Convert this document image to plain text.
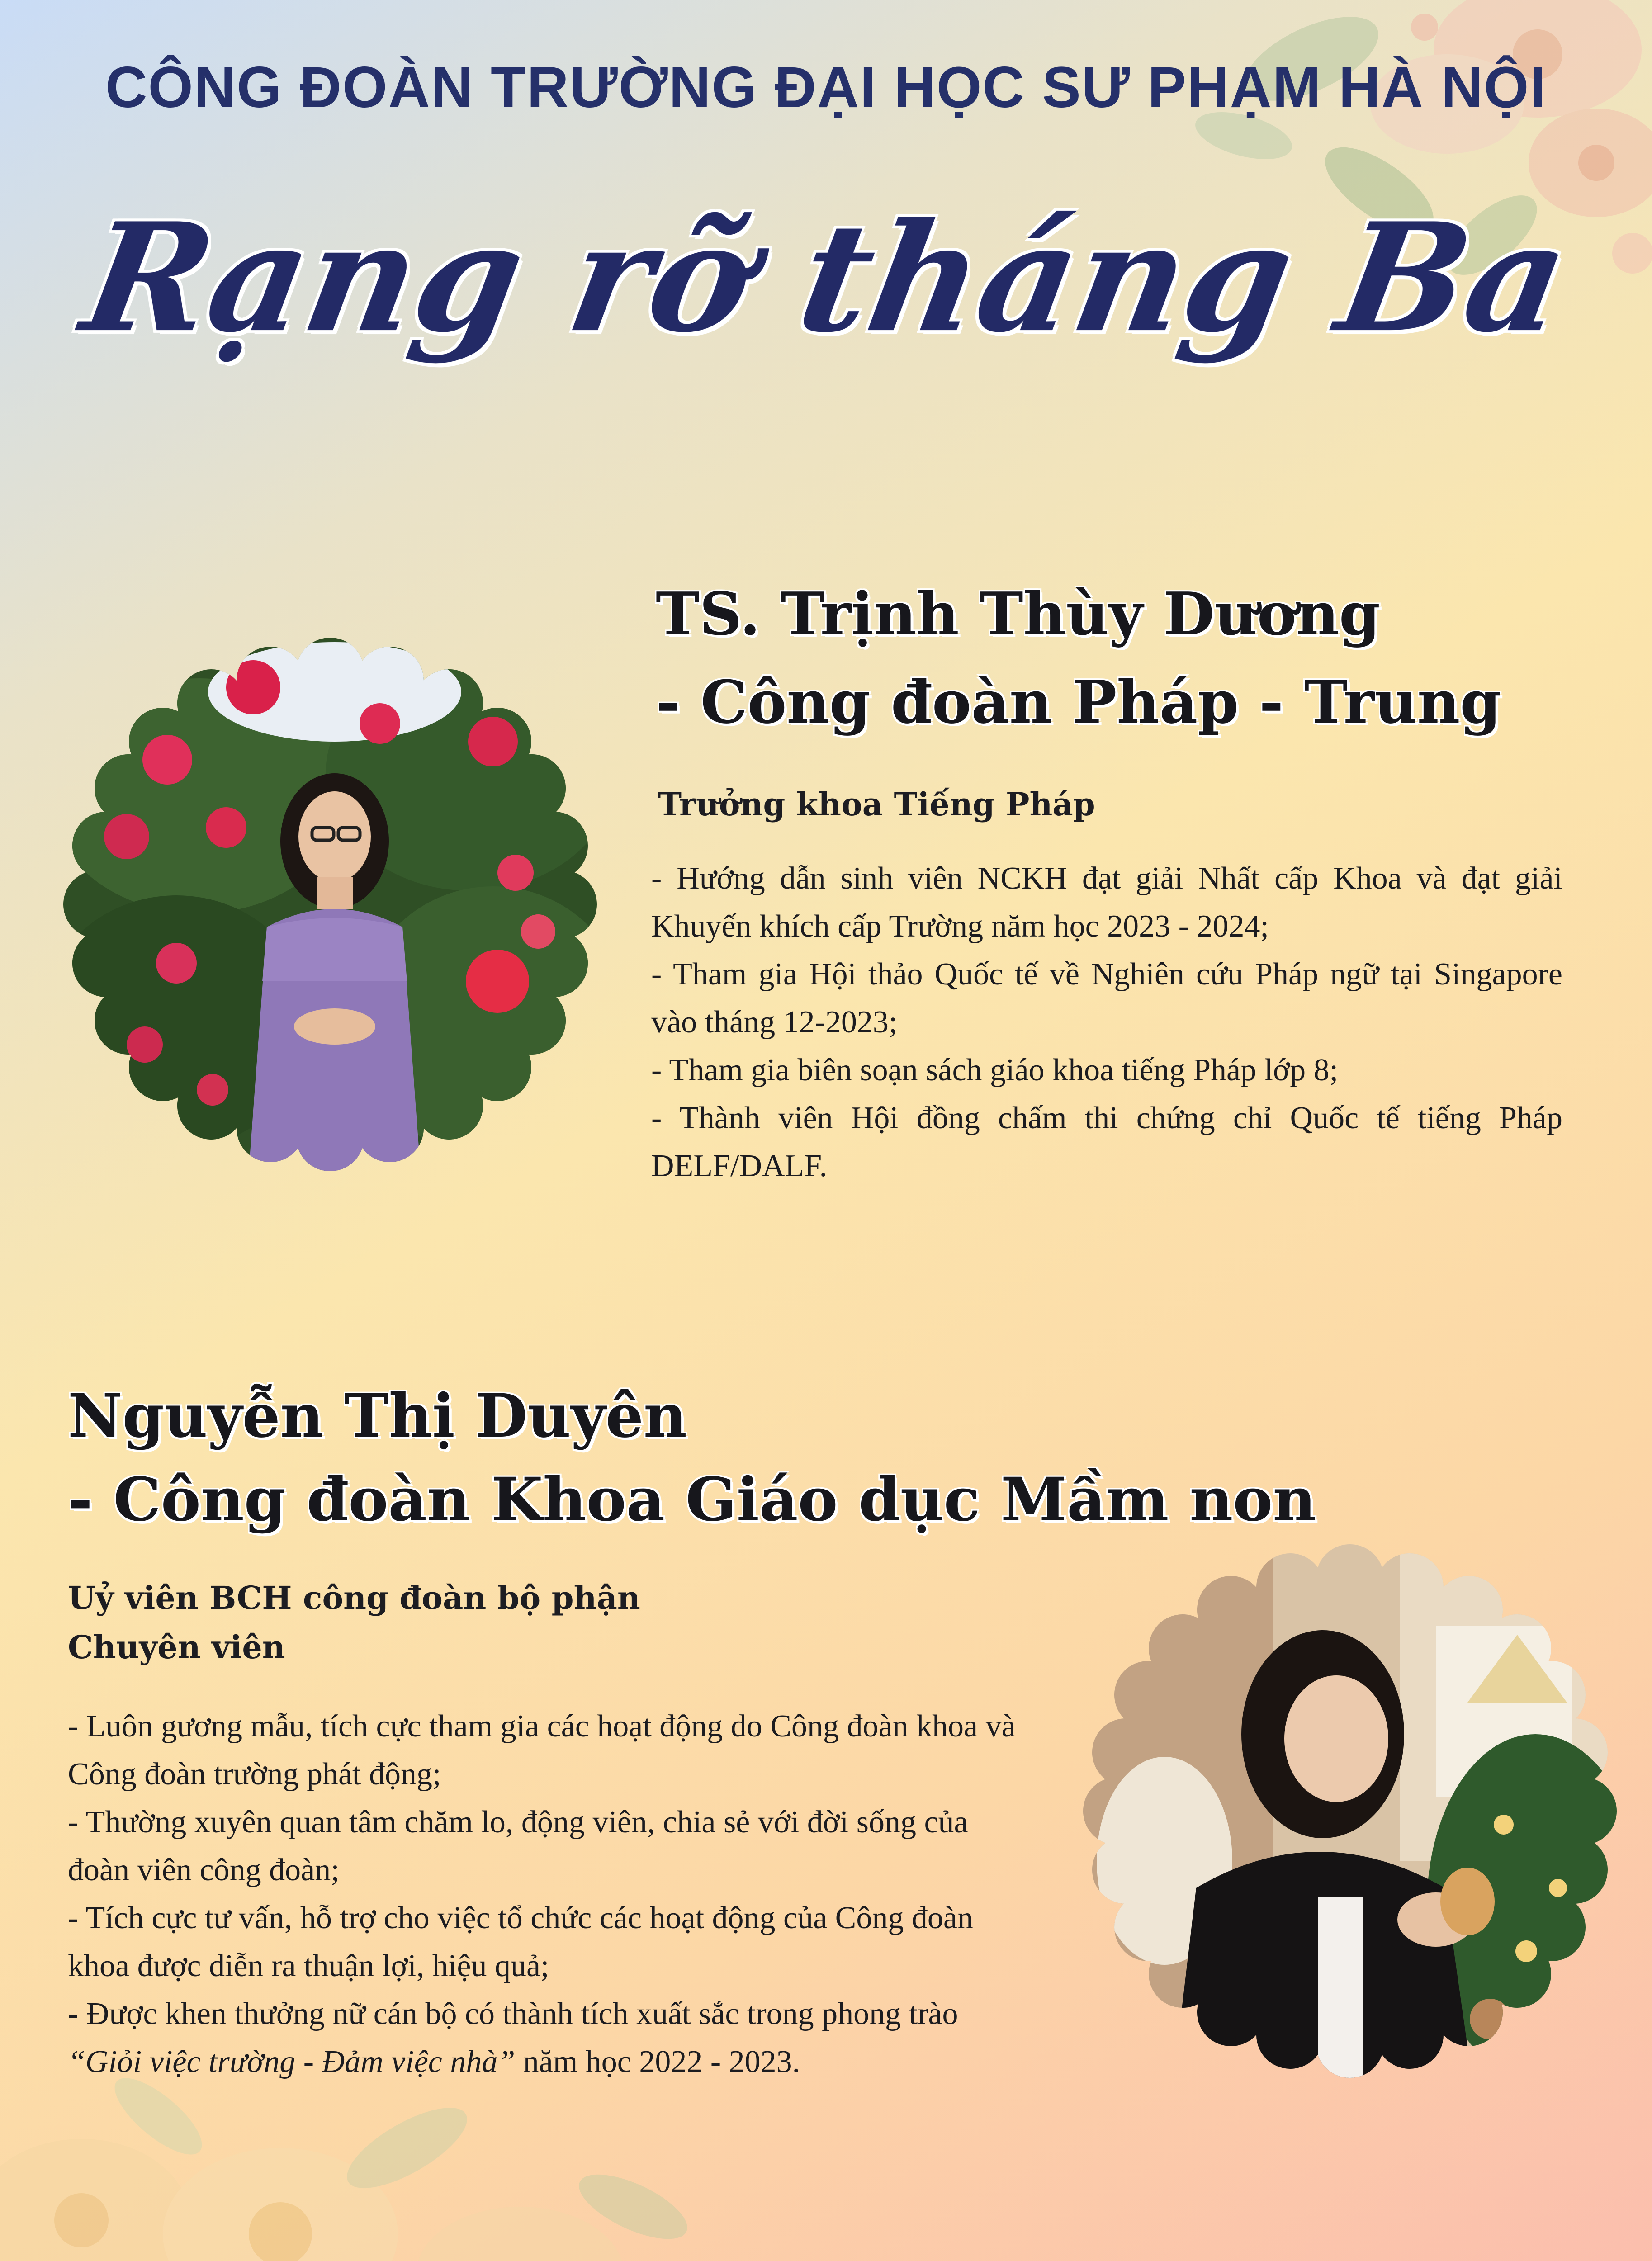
CÔNG ĐOÀN TRƯỜNG ĐẠI HỌC SƯ PHẠM HÀ NỘI
Rạng rỡ tháng Ba
TS. Trịnh Thùy Dương
- Công đoàn Pháp - Trung
Trưởng khoa Tiếng Pháp
- Hướng dẫn sinh viên NCKH đạt giải Nhất cấp Khoa và đạt giải Khuyến khích cấp Trường năm học 2023 - 2024;
- Tham gia Hội thảo Quốc tế về Nghiên cứu Pháp ngữ tại Singapore vào tháng 12-2023;
- Tham gia biên soạn sách giáo khoa tiếng Pháp lớp 8;
- Thành viên Hội đồng chấm thi chứng chỉ Quốc tế tiếng Pháp DELF/DALF.
Nguyễn Thị Duyên
- Công đoàn Khoa Giáo dục Mầm non
Uỷ viên BCH công đoàn bộ phận
Chuyên viên
- Luôn gương mẫu, tích cực tham gia các hoạt động do Công đoàn khoa và Công đoàn trường phát động;
- Thường xuyên quan tâm chăm lo, động viên, chia sẻ với đời sống của đoàn viên công đoàn;
- Tích cực tư vấn, hỗ trợ cho việc tổ chức các hoạt động của Công đoàn khoa được diễn ra thuận lợi, hiệu quả;
- Được khen thưởng nữ cán bộ có thành tích xuất sắc trong phong trào “Giỏi việc trường - Đảm việc nhà” năm học 2022 - 2023.
